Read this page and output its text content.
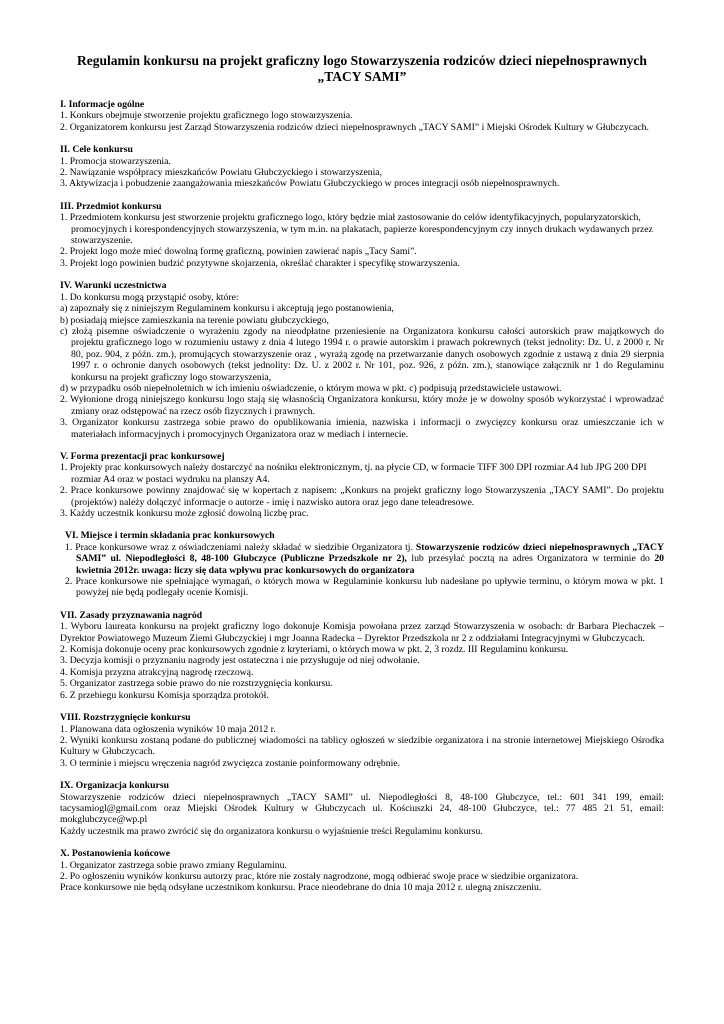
Regulamin konkursu na projekt graficzny logo Stowarzyszenia rodziców dzieci niepełnosprawnych
„TACY SAMI”

I. Informacje ogólne

1. Konkurs obejmuje stworzenie projektu graficznego logo stowarzyszenia.

2. Organizatorem konkursu jest Zarząd Stowarzyszenia rodziców dzieci niepełnosprawnych „TACY SAMI” i Miejski Ośrodek Kultury w Głubczycach.

II. Cele konkursu

1. Promocja stowarzyszenia.

2. Nawiązanie współpracy mieszkańców Powiatu Głubczyckiego i stowarzyszenia,

3. Aktywizacja i pobudzenie zaangażowania mieszkańców Powiatu Głubczyckiego w proces integracji osób niepełnosprawnych.

III. Przedmiot konkursu

1. Przedmiotem konkursu jest stworzenie projektu graficznego logo, który będzie miał zastosowanie do celów identyfikacyjnych, popularyzatorskich, promocyjnych i korespondencyjnych stowarzyszenia, w tym m.in. na plakatach, papierze korespondencyjnym czy innych drukach wydawanych przez stowarzyszenie.

2. Projekt logo może mieć dowolną formę graficzną, powinien zawierać napis „Tacy Sami”.

3. Projekt logo powinien budzić pozytywne skojarzenia, określać charakter i specyfikę stowarzyszenia.

IV. Warunki uczestnictwa

1. Do konkursu mogą przystąpić osoby, które:

a) zapoznały się z niniejszym Regulaminem konkursu i akceptują jego postanowienia,

b) posiadają miejsce zamieszkania na terenie powiatu głubczyckiego,

c) złożą pisemne oświadczenie o wyrażeniu zgody na nieodpłatne przeniesienie na Organizatora konkursu całości autorskich praw majątkowych do projektu graficznego logo w rozumieniu ustawy z dnia 4 lutego 1994 r. o prawie autorskim i prawach pokrewnych (tekst jednolity: Dz. U. z 2000 r. Nr 80, poz. 904, z późn. zm.), promujących stowarzyszenie oraz , wyrażą zgodę na przetwarzanie danych osobowych zgodnie z ustawą z dnia 29 sierpnia 1997 r. o ochronie danych osobowych (tekst jednolity: Dz. U. z 2002 r. Nr 101, poz. 926, z późn. zm.), stanowiące załącznik nr 1 do Regulaminu konkursu na projekt graficzny logo stowarzyszenia,

d) w przypadku osób niepełnoletnich w ich imieniu oświadczenie, o którym mowa w pkt. c) podpisują przedstawiciele ustawowi.

2. Wyłonione drogą niniejszego konkursu logo stają się własnością Organizatora konkursu, który może je w dowolny sposób wykorzystać i wprowadzać zmiany oraz odstępować na rzecz osób fizycznych i prawnych.

3. Organizator konkursu zastrzega sobie prawo do opublikowania imienia, nazwiska i informacji o zwycięzcy konkursu oraz umieszczanie ich w materiałach informacyjnych i promocyjnych Organizatora oraz w mediach i internecie.

V. Forma prezentacji prac konkursowej

1. Projekty prac konkursowych należy dostarczyć na nośniku elektronicznym, tj. na płycie CD, w formacie TIFF 300 DPI rozmiar A4 lub JPG 200 DPI rozmiar A4 oraz w postaci wydruku na planszy A4.

2. Prace konkursowe powinny znajdować się w kopertach z napisem: „Konkurs na projekt graficzny logo Stowarzyszenia „TACY SAMI”. Do projektu (projektów) należy dołączyć informacje o autorze - imię i nazwisko autora oraz jego dane teleadresowe.

3. Każdy uczestnik konkursu może zgłosić dowolną liczbę prac.

VI. Miejsce i termin składania prac konkursowych

1. Prace konkursowe wraz z oświadczeniami należy składać w siedzibie Organizatora tj. Stowarzyszenie rodziców dzieci niepełnosprawnych „TACY SAMI” ul. Niepodległości 8, 48-100 Głubczyce (Publiczne Przedszkole nr 2), lub przesyłać pocztą na adres Organizatora w terminie do 20 kwietnia 2012r. uwaga: liczy się data wpływu prac konkursowych do organizatora

2. Prace konkursowe nie spełniające wymagań, o których mowa w Regulaminie konkursu lub nadesłane po upływie terminu, o którym mowa w pkt. 1 powyżej nie będą podlegały ocenie Komisji.

VII. Zasady przyznawania nagród

1. Wyboru laureata konkursu na projekt graficzny logo dokonuje Komisja powołana przez zarząd Stowarzyszenia w osobach: dr Barbara Piechaczek – Dyrektor Powiatowego Muzeum Ziemi Głubczyckiej i mgr Joanna Radecka – Dyrektor Przedszkola nr 2 z oddziałami Integracyjnymi w Głubczycach.

2. Komisja dokonuje oceny prac konkursowych zgodnie z kryteriami, o których mowa w pkt. 2, 3 rozdz. III Regulaminu konkursu.

3. Decyzja komisji o przyznaniu nagrody jest ostateczna i nie przysługuje od niej odwołanie.

4. Komisja przyzna atrakcyjną nagrodę rzeczową.

5. Organizator zastrzega sobie prawo do nie rozstrzygnięcia konkursu.

6. Z przebiegu konkursu Komisja sporządza protokół.

VIII. Rozstrzygnięcie konkursu

1. Planowana data ogłoszenia wyników 10 maja 2012 r.

2. Wyniki konkursu zostaną podane do publicznej wiadomości na tablicy ogłoszeń w siedzibie organizatora i na stronie internetowej Miejskiego Ośrodka Kultury w Głubczycach.

3. O terminie i miejscu wręczenia nagród zwycięzca zostanie poinformowany odrębnie.

IX. Organizacja konkursu

Stowarzyszenie rodziców dzieci niepełnosprawnych „TACY SAMI” ul. Niepodległości 8, 48-100 Głubczyce, tel.: 601 341 199, email: tacysamiogl@gmail.com oraz Miejski Ośrodek Kultury w Głubczycach ul. Kościuszki 24, 48-100 Głubczyce, tel.: 77 485 21 51, email: mokglubczyce@wp.pl

Każdy uczestnik ma prawo zwrócić się do organizatora konkursu o wyjaśnienie treści Regulaminu konkursu.

X. Postanowienia końcowe

1. Organizator zastrzega sobie prawo zmiany Regulaminu.

2. Po ogłoszeniu wyników konkursu autorzy prac, które nie zostały nagrodzone, mogą odbierać swoje prace w siedzibie organizatora.

Prace konkursowe nie będą odsyłane uczestnikom konkursu. Prace nieodebrane do dnia 10 maja 2012 r. ulegną zniszczeniu.
